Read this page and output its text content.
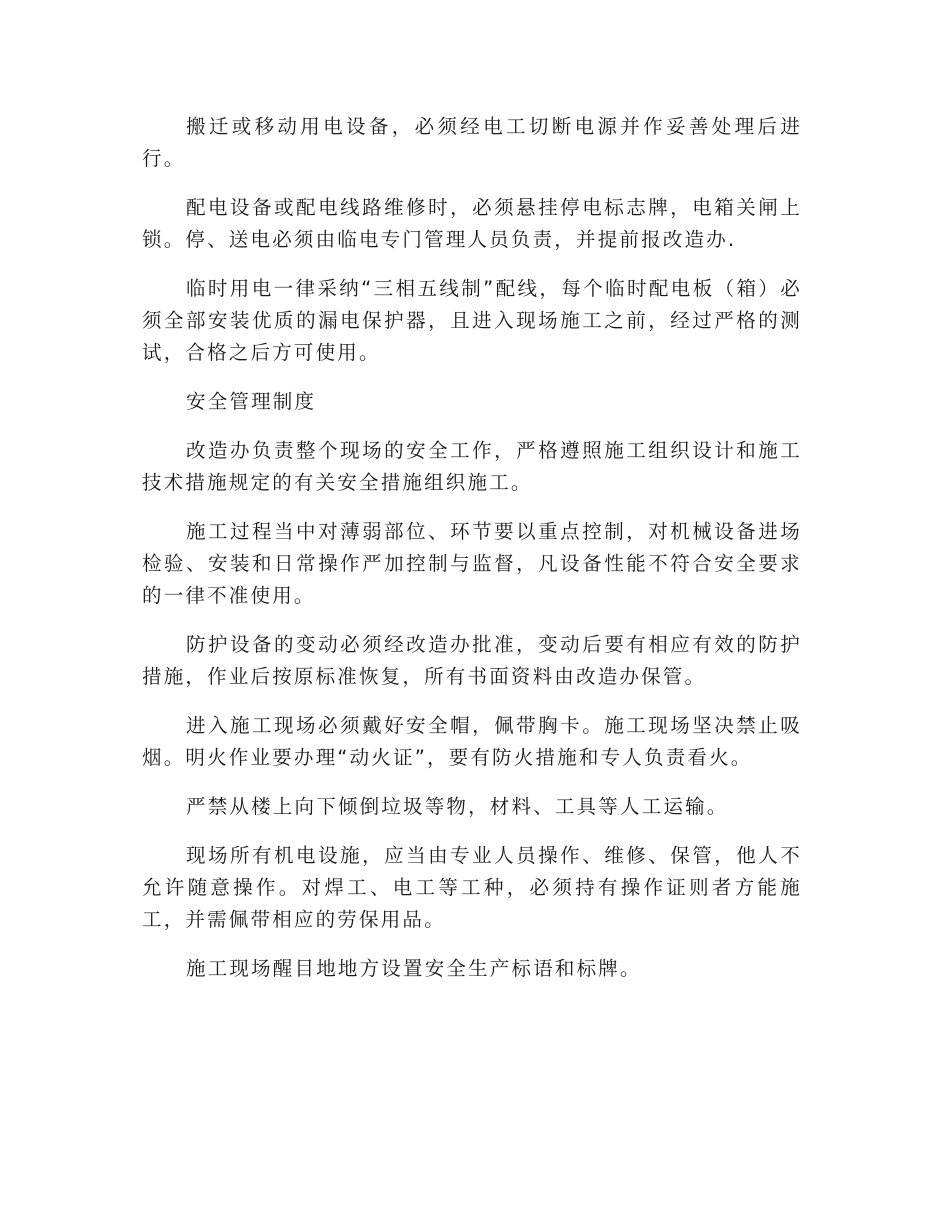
搬迁或移动用电设备，必须经电工切断电源并作妥善处理后进行。

配电设备或配电线路维修时，必须悬挂停电标志牌，电箱关闸上锁。停、送电必须由临电专门管理人员负责，并提前报改造办.

临时用电一律采纳“三相五线制”配线，每个临时配电板（箱）必须全部安装优质的漏电保护器，且进入现场施工之前，经过严格的测试，合格之后方可使用。

安全管理制度

改造办负责整个现场的安全工作，严格遵照施工组织设计和施工技术措施规定的有关安全措施组织施工。

施工过程当中对薄弱部位、环节要以重点控制，对机械设备进场检验、安装和日常操作严加控制与监督，凡设备性能不符合安全要求的一律不准使用。

防护设备的变动必须经改造办批准，变动后要有相应有效的防护措施，作业后按原标准恢复，所有书面资料由改造办保管。

进入施工现场必须戴好安全帽，佩带胸卡。施工现场坚决禁止吸烟。明火作业要办理“动火证”，要有防火措施和专人负责看火。

严禁从楼上向下倾倒垃圾等物，材料、工具等人工运输。

现场所有机电设施，应当由专业人员操作、维修、保管，他人不允许随意操作。对焊工、电工等工种，必须持有操作证则者方能施工，并需佩带相应的劳保用品。

施工现场醒目地地方设置安全生产标语和标牌。
